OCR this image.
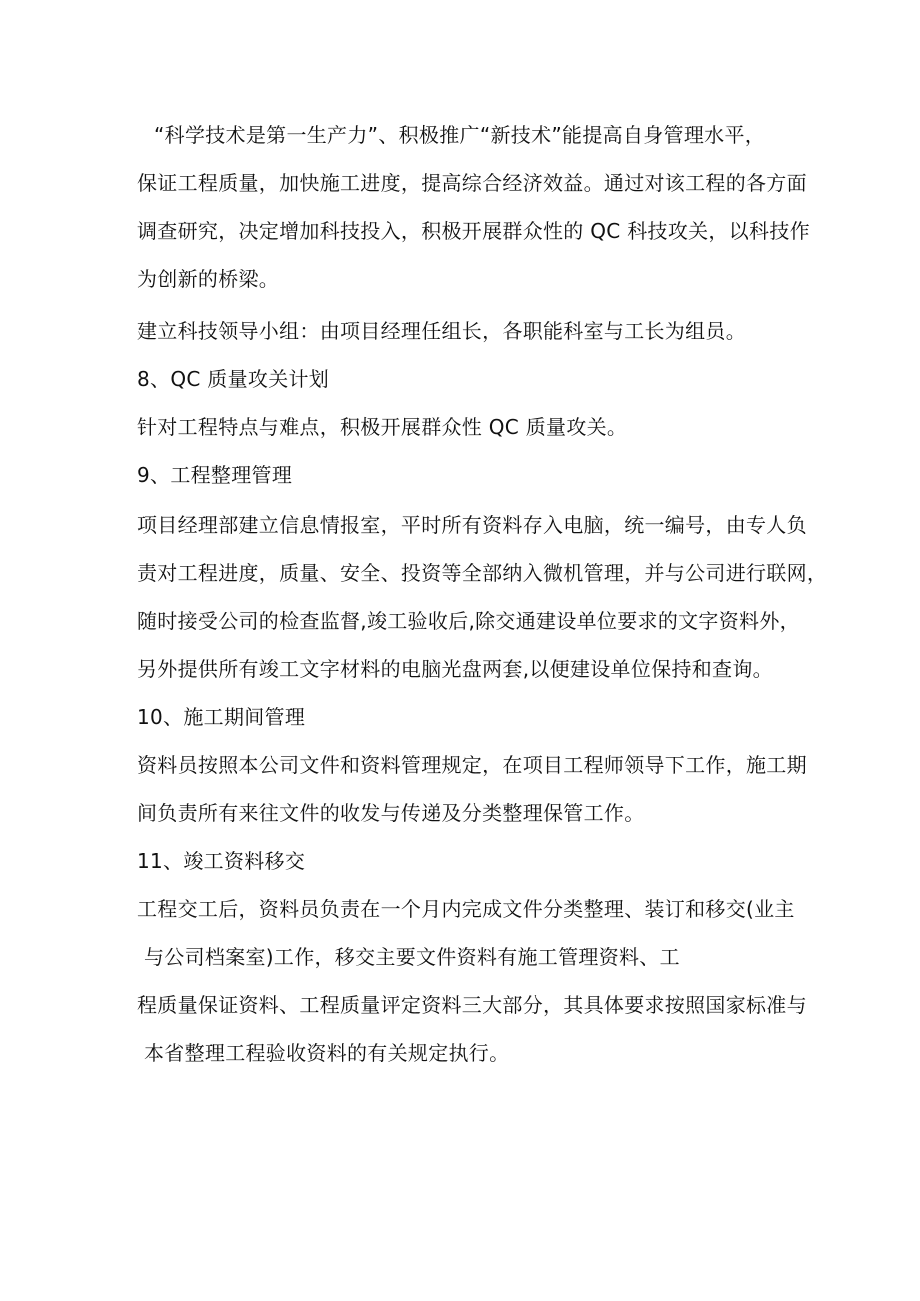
“科学技术是第一生产力”、积极推广“新技术”能提高自身管理水平，
保证工程质量，加快施工进度，提高综合经济效益。通过对该工程的各方面
调查研究，决定增加科技投入，积极开展群众性的 QC 科技攻关，以科技作
为创新的桥梁。
建立科技领导小组：由项目经理任组长，各职能科室与工长为组员。
8、QC 质量攻关计划
针对工程特点与难点，积极开展群众性 QC 质量攻关。
9、工程整理管理
项目经理部建立信息情报室，平时所有资料存入电脑，统一编号，由专人负
责对工程进度，质量、安全、投资等全部纳入微机管理，并与公司进行联网，
随时接受公司的检查监督,竣工验收后,除交通建设单位要求的文字资料外，
另外提供所有竣工文字材料的电脑光盘两套,以便建设单位保持和查询。
10、施工期间管理
资料员按照本公司文件和资料管理规定，在项目工程师领导下工作，施工期
间负责所有来往文件的收发与传递及分类整理保管工作。
11、竣工资料移交
工程交工后，资料员负责在一个月内完成文件分类整理、装订和移交(业主
与公司档案室)工作，移交主要文件资料有施工管理资料、工
程质量保证资料、工程质量评定资料三大部分，其具体要求按照国家标准与
本省整理工程验收资料的有关规定执行。
